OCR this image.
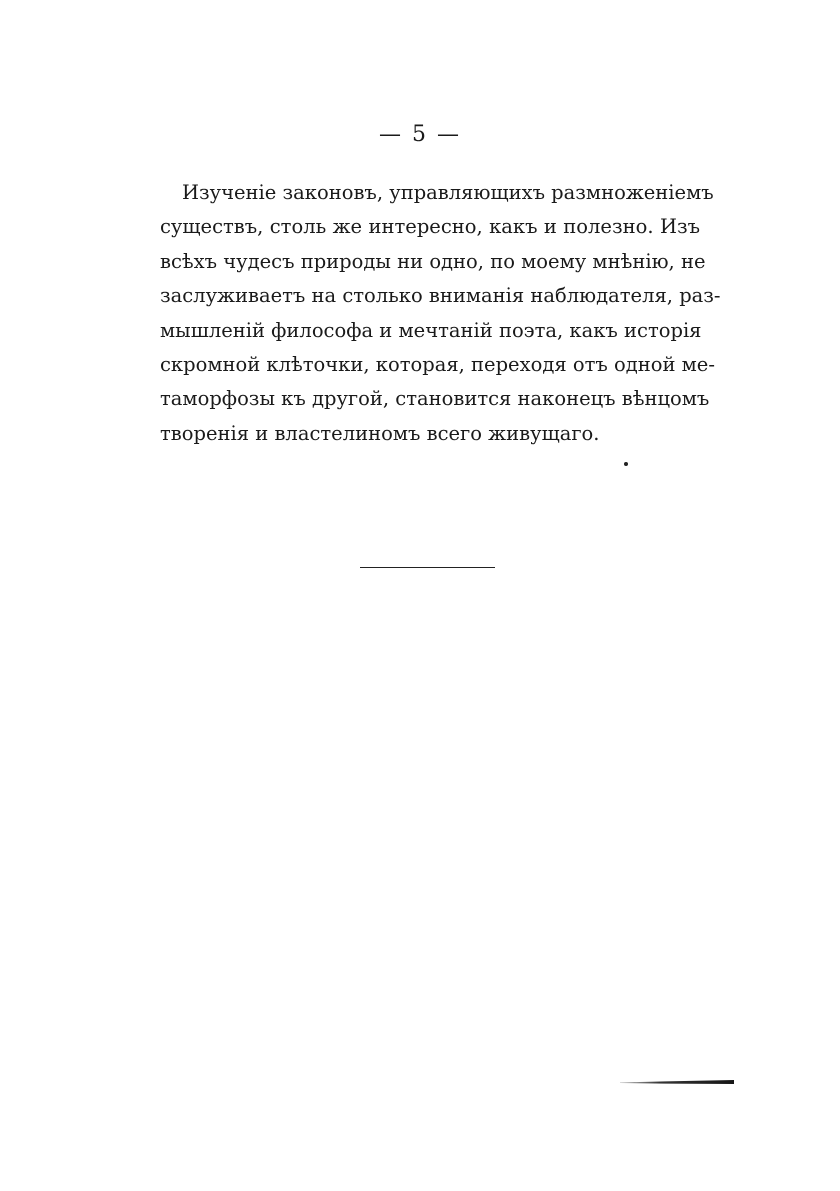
— 5 —
Изученіе законовъ, управляющихъ размноженіемъ
существъ, столь же интересно, какъ и полезно. Изъ
всѣхъ чудесъ природы ни одно, по моему мнѣнію, не
заслуживаетъ на столько вниманія наблюдателя, раз-
мышленій философа и мечтаній поэта, какъ исторія
скромной клѣточки, которая, переходя отъ одной ме-
таморфозы къ другой, становится наконецъ вѣнцомъ
творенія и властелиномъ всего живущаго.
